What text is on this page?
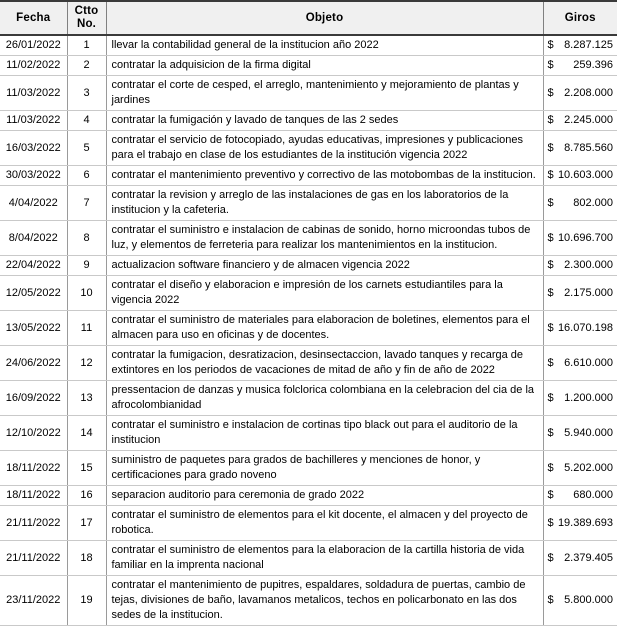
Fecha	Ctto No.	Objeto	Giros
26/01/2022	1	llevar la contabilidad general de la institucion año 2022	$ 8.287.125

11/02/2022	2	contratar la adquisicion de la firma digital	$ 259.396

11/03/2022	3	contratar el corte de cesped, el arreglo, mantenimiento y mejoramiento de plantas y jardines	$ 2.208.000

11/03/2022	4	contratar la fumigación y lavado de tanques de las 2 sedes	$ 2.245.000

16/03/2022	5	contratar el servicio de fotocopiado, ayudas educativas, impresiones y publicaciones para el trabajo en clase de los estudiantes de la institución vigencia 2022	$ 8.785.560

30/03/2022	6	contratar el mantenimiento preventivo y correctivo de las motobombas de la institucion.	$ 10.603.000

4/04/2022	7	contratar la revision y arreglo de las instalaciones de gas en los laboratorios de la institucion y la cafeteria.	$ 802.000

8/04/2022	8	contratar el suministro e instalacion de cabinas de sonido, horno microondas tubos de luz, y elementos de ferreteria para realizar los mantenimientos en la institucion.	$ 10.696.700

22/04/2022	9	actualizacion software financiero y de almacen vigencia 2022	$ 2.300.000

12/05/2022	10	contratar el diseño y elaboracion e impresión de los carnets estudiantiles para la vigencia 2022	$ 2.175.000

13/05/2022	11	contratar el suministro de materiales para elaboracion de boletines, elementos para el almacen para uso en oficinas y de docentes.	$ 16.070.198

24/06/2022	12	contratar la fumigacion, desratizacion, desinsectaccion, lavado tanques y recarga de extintores en los periodos de vacaciones de mitad de año y fin de año de 2022	$ 6.610.000

16/09/2022	13	pressentacion de danzas y musica folclorica colombiana en la celebracion del cia de la afrocolombianidad	$ 1.200.000

12/10/2022	14	contratar el suministro e instalacion de cortinas tipo black out para el auditorio de la institucion	$ 5.940.000

18/11/2022	15	suministro de paquetes para grados de bachilleres y menciones de honor, y certificaciones para grado noveno	$ 5.202.000

18/11/2022	16	separacion auditorio para ceremonia de grado 2022	$ 680.000

21/11/2022	17	contratar el suministro de elementos para el kit docente, el almacen y del proyecto de robotica.	$ 19.389.693

21/11/2022	18	contratar el suministro de elementos para la elaboracion de la cartilla historia de vida familiar en la imprenta nacional	$ 2.379.405

23/11/2022	19	contratar el mantenimiento de pupitres, espaldares, soldadura de puertas, cambio de tejas, divisiones de baño, lavamanos metalicos, techos en policarbonato en las dos sedes de la institucion.	$ 5.800.000
